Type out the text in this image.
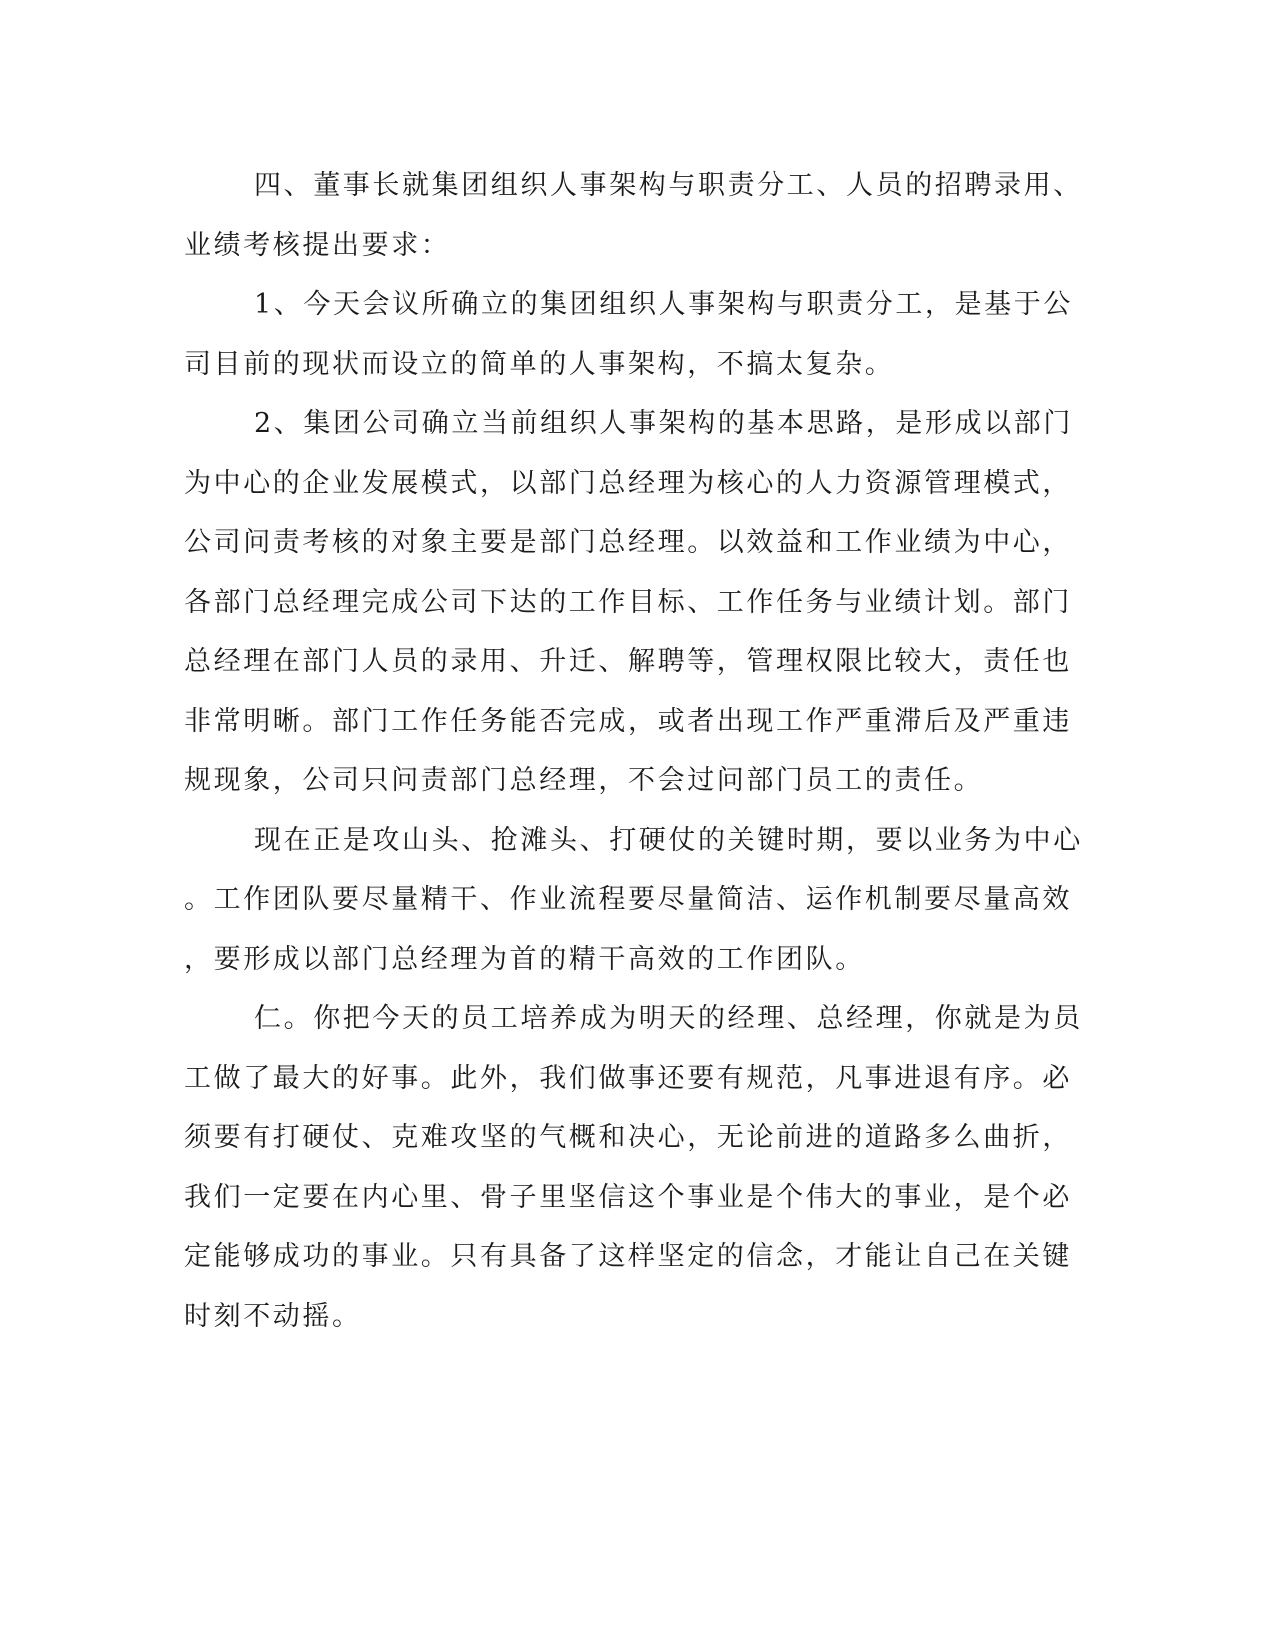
四、董事长就集团组织人事架构与职责分工、人员的招聘录用、
业绩考核提出要求：
1、今天会议所确立的集团组织人事架构与职责分工，是基于公
司目前的现状而设立的简单的人事架构，不搞太复杂。
2、集团公司确立当前组织人事架构的基本思路，是形成以部门
为中心的企业发展模式，以部门总经理为核心的人力资源管理模式，
公司问责考核的对象主要是部门总经理。以效益和工作业绩为中心，
各部门总经理完成公司下达的工作目标、工作任务与业绩计划。部门
总经理在部门人员的录用、升迁、解聘等，管理权限比较大，责任也
非常明晰。部门工作任务能否完成，或者出现工作严重滞后及严重违
规现象，公司只问责部门总经理，不会过问部门员工的责任。
现在正是攻山头、抢滩头、打硬仗的关键时期，要以业务为中心
。工作团队要尽量精干、作业流程要尽量简洁、运作机制要尽量高效
，要形成以部门总经理为首的精干高效的工作团队。
仁。你把今天的员工培养成为明天的经理、总经理，你就是为员
工做了最大的好事。此外，我们做事还要有规范，凡事进退有序。必
须要有打硬仗、克难攻坚的气概和决心，无论前进的道路多么曲折，
我们一定要在内心里、骨子里坚信这个事业是个伟大的事业，是个必
定能够成功的事业。只有具备了这样坚定的信念，才能让自己在关键
时刻不动摇。
